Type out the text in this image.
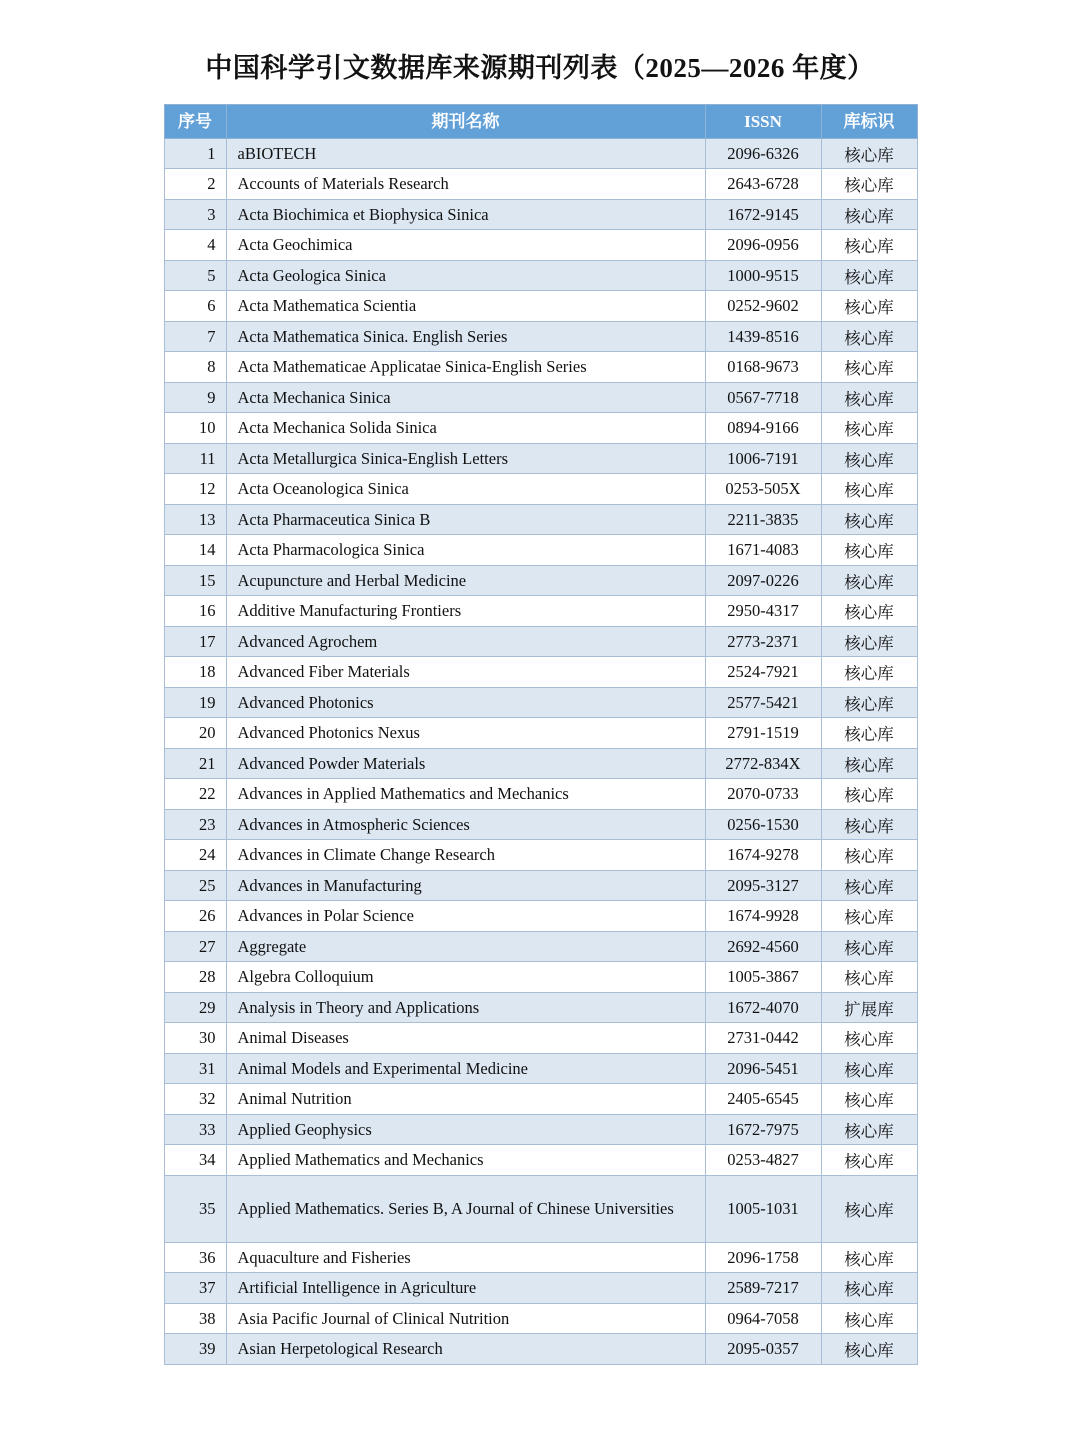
中国科学引文数据库来源期刊列表（2025—2026 年度）
序号	期刊名称	ISSN	库标识
1	aBIOTECH	2096-6326	核心库
2	Accounts of Materials Research	2643-6728	核心库
3	Acta Biochimica et Biophysica Sinica	1672-9145	核心库
4	Acta Geochimica	2096-0956	核心库
5	Acta Geologica Sinica	1000-9515	核心库
6	Acta Mathematica Scientia	0252-9602	核心库
7	Acta Mathematica Sinica. English Series	1439-8516	核心库
8	Acta Mathematicae Applicatae Sinica-English Series	0168-9673	核心库
9	Acta Mechanica Sinica	0567-7718	核心库
10	Acta Mechanica Solida Sinica	0894-9166	核心库
11	Acta Metallurgica Sinica-English Letters	1006-7191	核心库
12	Acta Oceanologica Sinica	0253-505X	核心库
13	Acta Pharmaceutica Sinica B	2211-3835	核心库
14	Acta Pharmacologica Sinica	1671-4083	核心库
15	Acupuncture and Herbal Medicine	2097-0226	核心库
16	Additive Manufacturing Frontiers	2950-4317	核心库
17	Advanced Agrochem	2773-2371	核心库
18	Advanced Fiber Materials	2524-7921	核心库
19	Advanced Photonics	2577-5421	核心库
20	Advanced Photonics Nexus	2791-1519	核心库
21	Advanced Powder Materials	2772-834X	核心库
22	Advances in Applied Mathematics and Mechanics	2070-0733	核心库
23	Advances in Atmospheric Sciences	0256-1530	核心库
24	Advances in Climate Change Research	1674-9278	核心库
25	Advances in Manufacturing	2095-3127	核心库
26	Advances in Polar Science	1674-9928	核心库
27	Aggregate	2692-4560	核心库
28	Algebra Colloquium	1005-3867	核心库
29	Analysis in Theory and Applications	1672-4070	扩展库
30	Animal Diseases	2731-0442	核心库
31	Animal Models and Experimental Medicine	2096-5451	核心库
32	Animal Nutrition	2405-6545	核心库
33	Applied Geophysics	1672-7975	核心库
34	Applied Mathematics and Mechanics	0253-4827	核心库
35	Applied Mathematics. Series B, A Journal of Chinese Universities	1005-1031	核心库
36	Aquaculture and Fisheries	2096-1758	核心库
37	Artificial Intelligence in Agriculture	2589-7217	核心库
38	Asia Pacific Journal of Clinical Nutrition	0964-7058	核心库
39	Asian Herpetological Research	2095-0357	核心库
